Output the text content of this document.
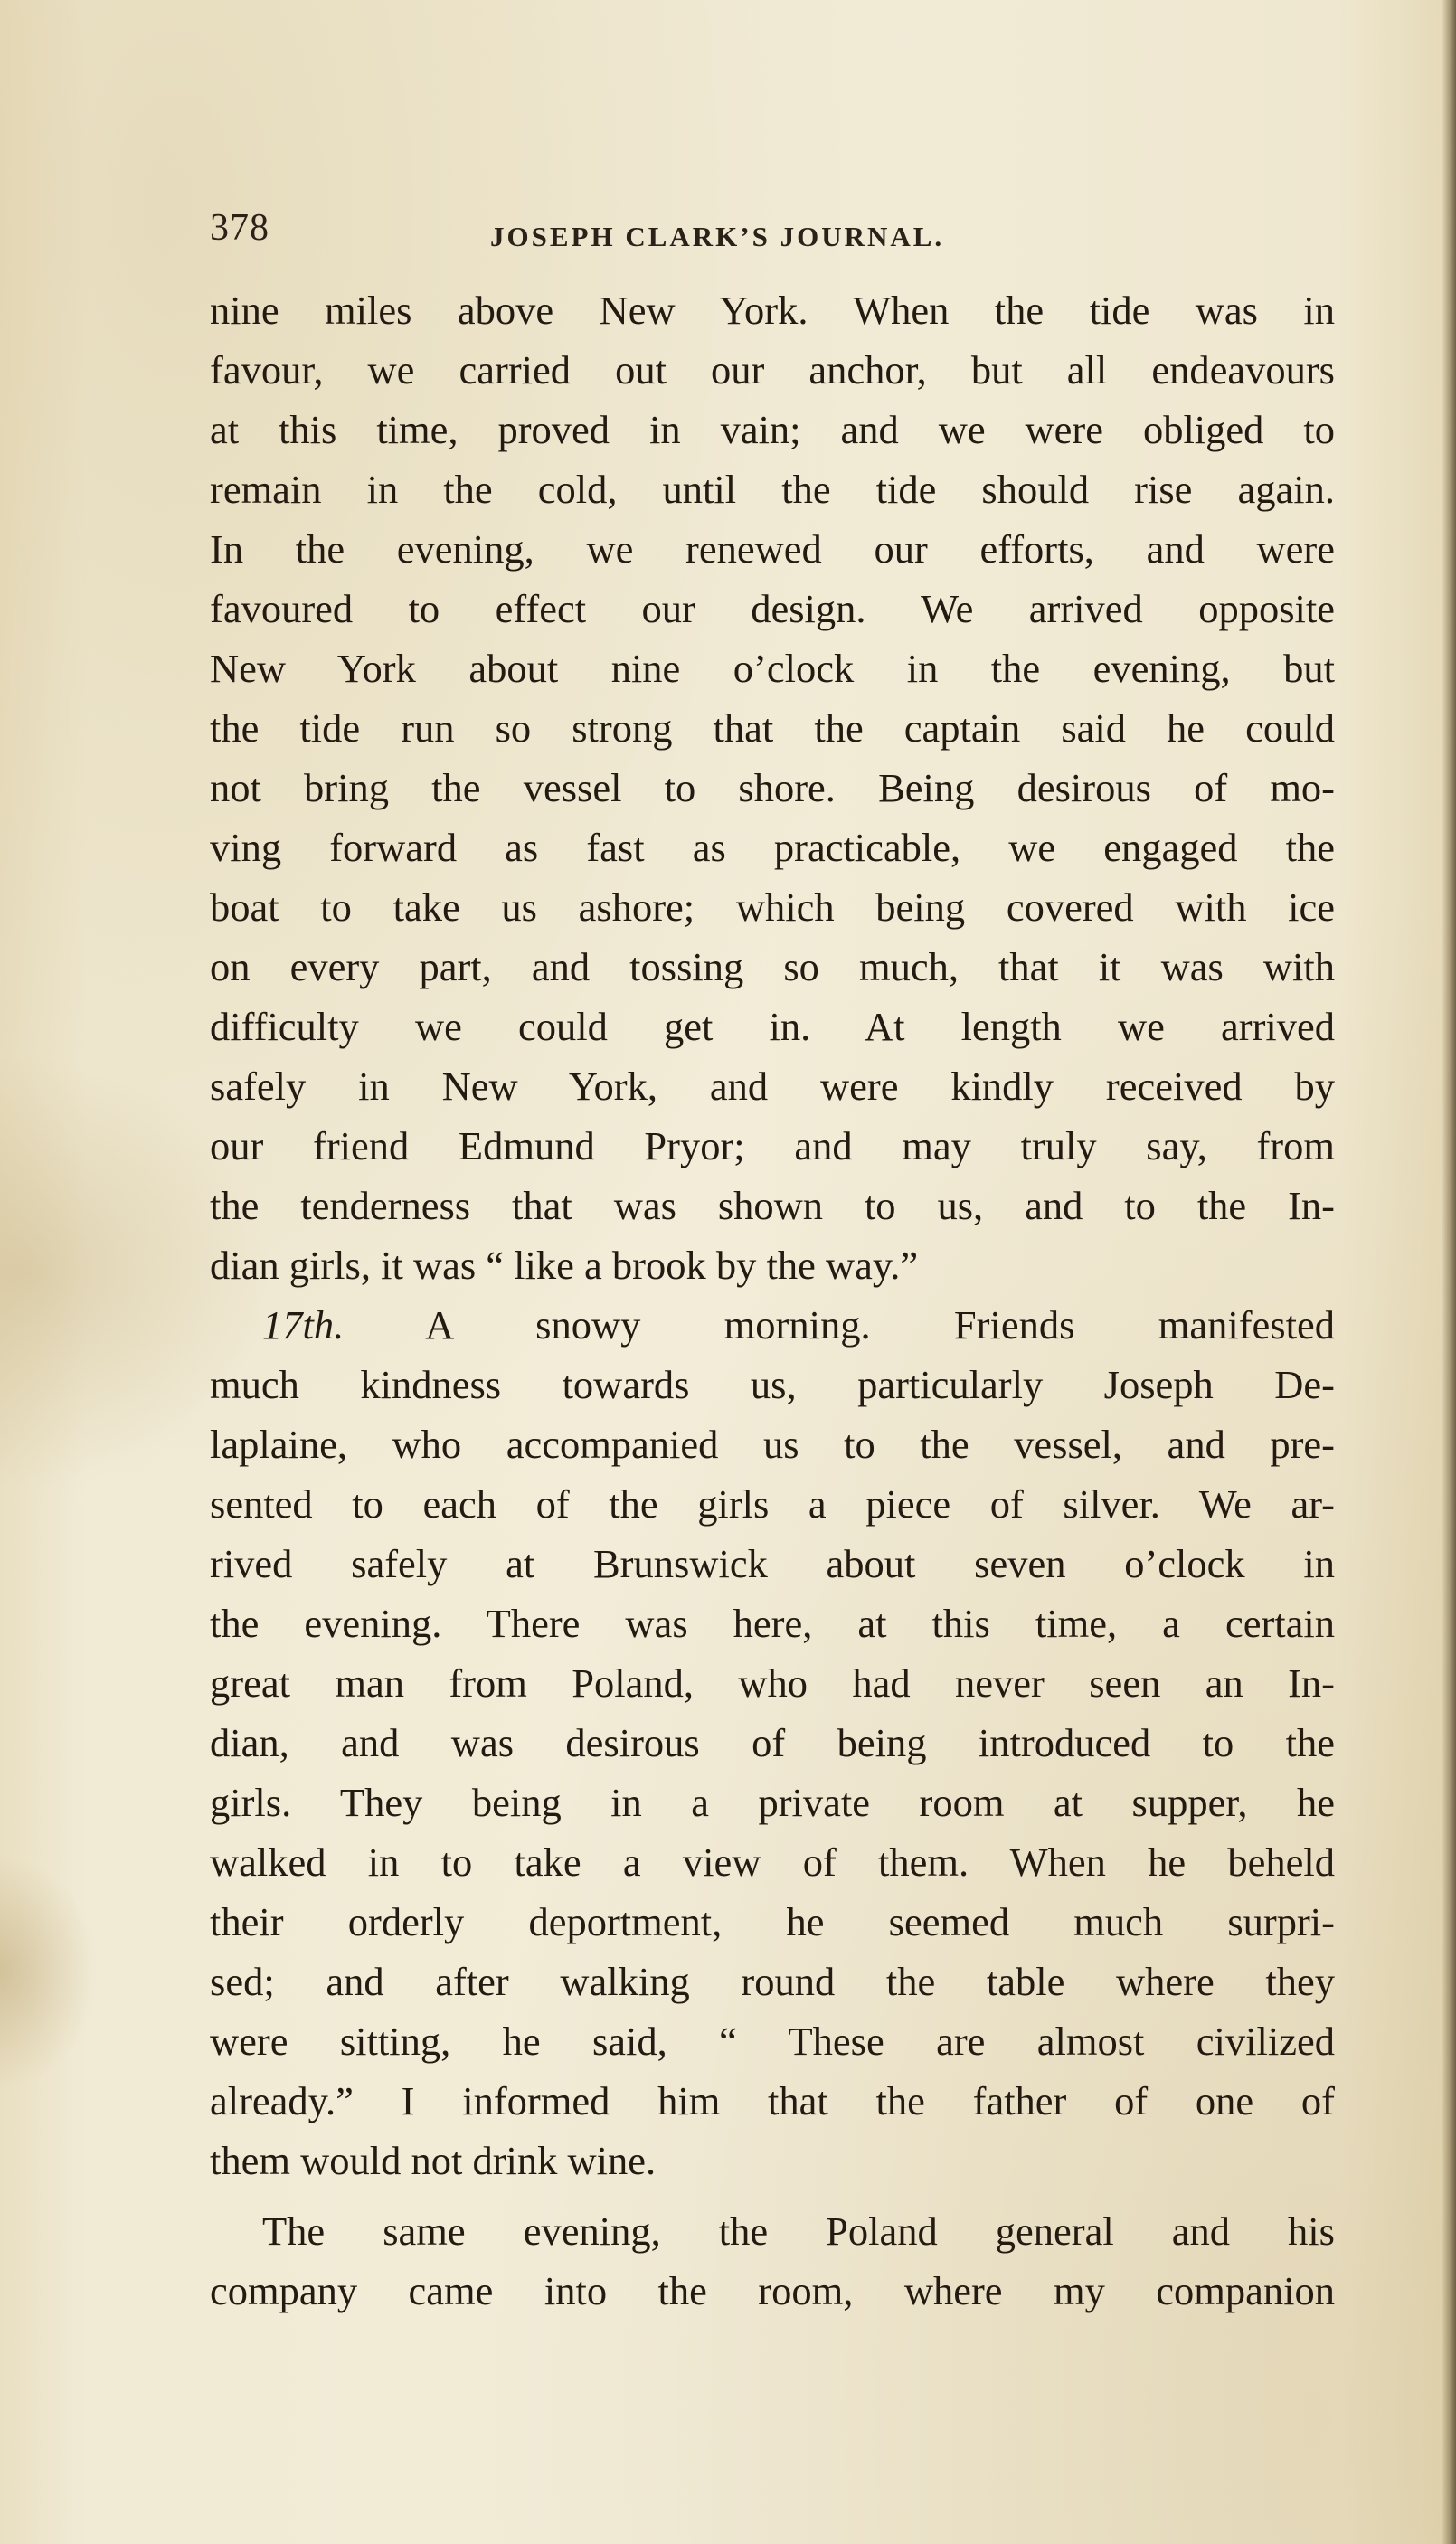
378	JOSEPH CLARK’S JOURNAL.
nine miles above New York. When the tide was in
favour, we carried out our anchor, but all endeavours
at this time, proved in vain; and we were obliged to
remain in the cold, until the tide should rise again.
In the evening, we renewed our efforts, and were
favoured to effect our design. We arrived opposite
New York about nine o’clock in the evening, but
the tide run so strong that the captain said he could
not bring the vessel to shore. Being desirous of mo-
ving forward as fast as practicable, we engaged the
boat to take us ashore; which being covered with ice
on every part, and tossing so much, that it was with
difficulty we could get in. At length we arrived
safely in New York, and were kindly received by
our friend Edmund Pryor; and may truly say, from
the tenderness that was shown to us, and to the In-
dian girls, it was “ like a brook by the way.”
17th. A snowy morning. Friends manifested
much kindness towards us, particularly Joseph De-
laplaine, who accompanied us to the vessel, and pre-
sented to each of the girls a piece of silver. We ar-
rived safely at Brunswick about seven o’clock in
the evening. There was here, at this time, a certain
great man from Poland, who had never seen an In-
dian, and was desirous of being introduced to the
girls. They being in a private room at supper, he
walked in to take a view of them. When he beheld
their orderly deportment, he seemed much surpri-
sed; and after walking round the table where they
were sitting, he said, “ These are almost civilized
already.” I informed him that the father of one of
them would not drink wine.
The same evening, the Poland general and his
company came into the room, where my companion
